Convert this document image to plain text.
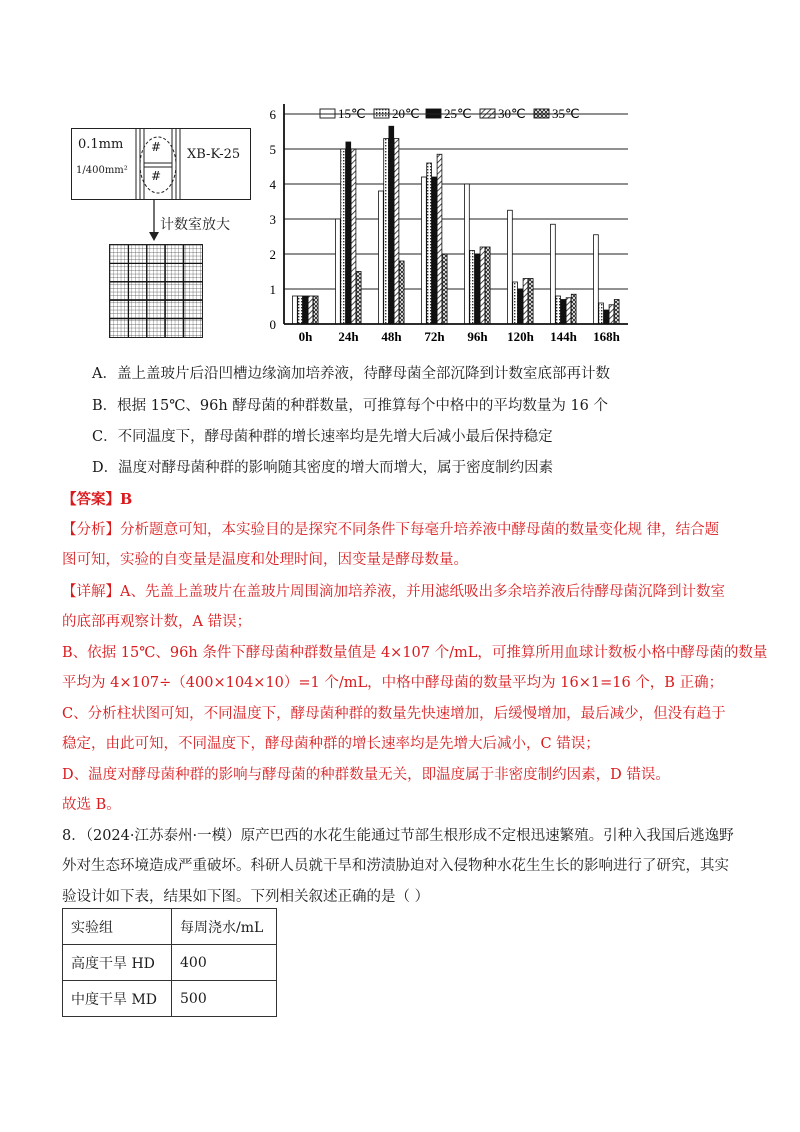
0.1mm
1/400mm²
XB-K-25
#
#
计数室放大
15℃ 20℃ 25℃ 30℃ 35℃
0
1
2
3
4
5
6
0h 24h 48h 72h 96h 120h 144h 168h
A．盖上盖玻片后沿凹槽边缘滴加培养液，待酵母菌全部沉降到计数室底部再计数
B．根据 15℃、96h 酵母菌的种群数量，可推算每个中格中的平均数量为 16 个
C．不同温度下，酵母菌种群的增长速率均是先增大后减小最后保持稳定
D．温度对酵母菌种群的影响随其密度的增大而增大，属于密度制约因素
【答案】B
【分析】分析题意可知，本实验目的是探究不同条件下每毫升培养液中酵母菌的数量变化规 律，结合题
图可知，实验的自变量是温度和处理时间，因变量是酵母数量。
【详解】A、先盖上盖玻片在盖玻片周围滴加培养液，并用滤纸吸出多余培养液后待酵母菌沉降到计数室
的底部再观察计数，A 错误；
B、依据 15℃、96h 条件下酵母菌种群数量值是 4×107 个/mL，可推算所用血球计数板小格中酵母菌的数量
平均为 4×107÷（400×104×10）=1 个/mL，中格中酵母菌的数量平均为 16×1=16 个，B 正确；
C、分析柱状图可知，不同温度下，酵母菌种群的数量先快速增加，后缓慢增加，最后减少，但没有趋于
稳定，由此可知，不同温度下，酵母菌种群的增长速率均是先增大后减小，C 错误；
D、温度对酵母菌种群的影响与酵母菌的种群数量无关，即温度属于非密度制约因素，D 错误。
故选 B。
8．（2024·江苏泰州·一模）原产巴西的水花生能通过节部生根形成不定根迅速繁殖。引种入我国后逃逸野
外对生态环境造成严重破坏。科研人员就干旱和涝渍胁迫对入侵物种水花生生长的影响进行了研究，其实
验设计如下表，结果如下图。下列相关叙述正确的是（ ）
实验组	每周浇水/mL
高度干旱 HD	400
中度干旱 MD	500
